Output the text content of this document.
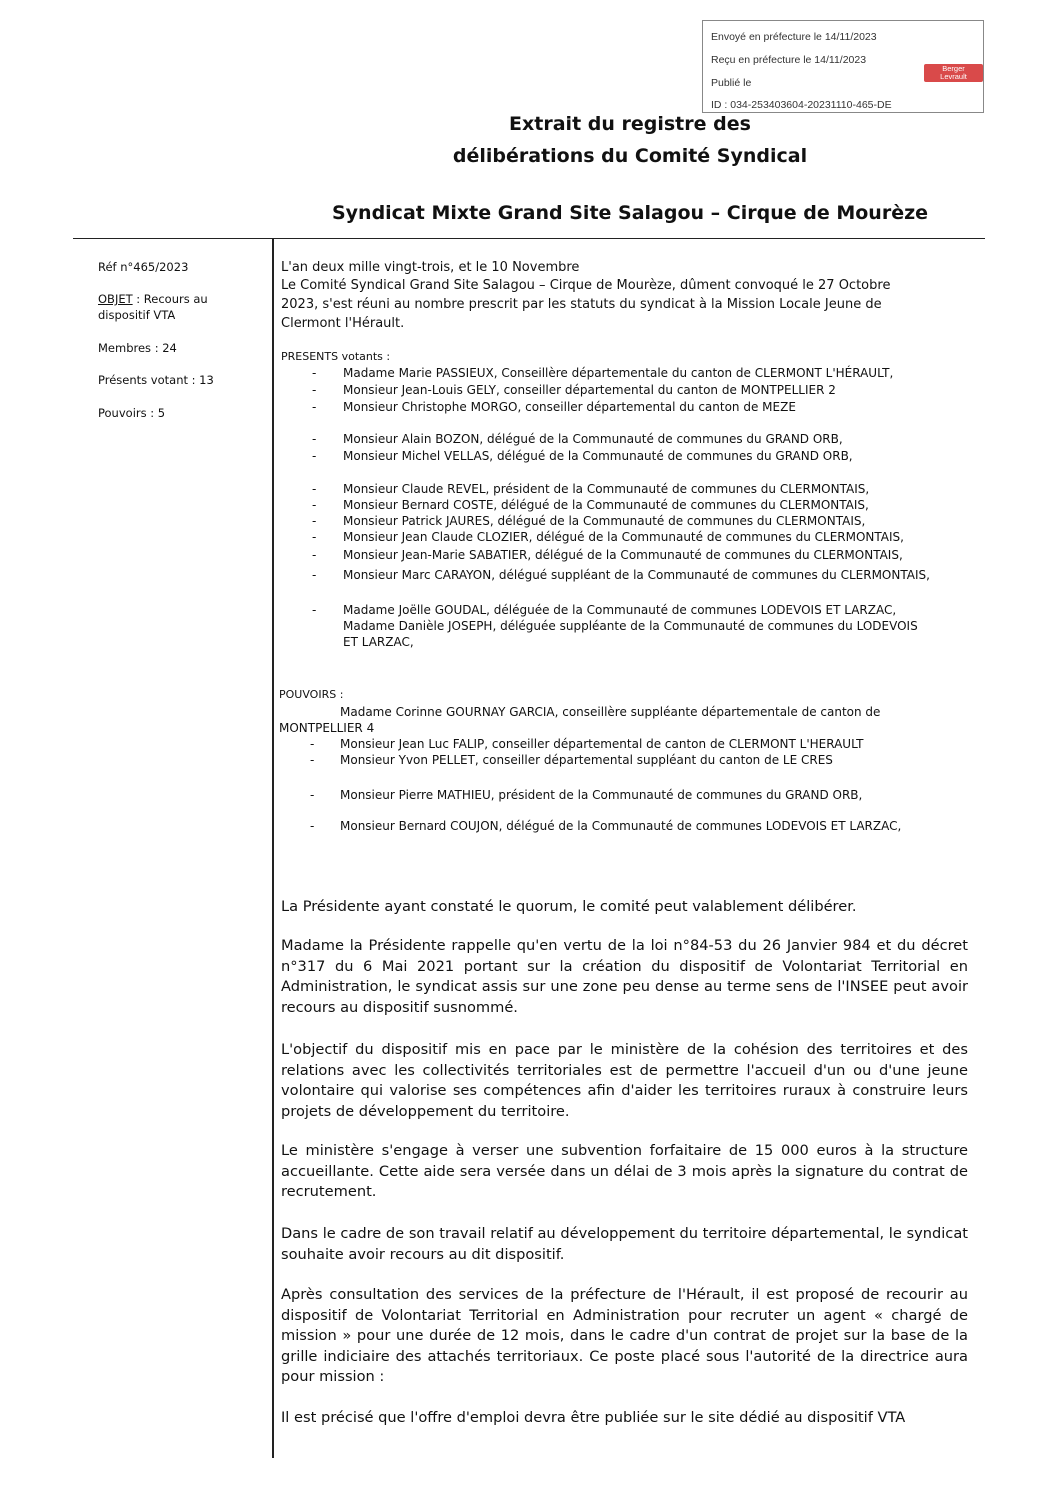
Envoyé en préfecture le 14/11/2023
Reçu en préfecture le 14/11/2023
Publié le
ID : 034-253403604-20231110-465-DE
Berger
Levrault
Extrait du registre des
délibérations du Comité Syndical
Syndicat Mixte Grand Site Salagou – Cirque de Mourèze
Réf n°465/2023
OBJET : Recours au
dispositif VTA
Membres : 24
Présents votant : 13
Pouvoirs : 5
L'an deux mille vingt-trois, et le 10 Novembre
Le Comité Syndical Grand Site Salagou – Cirque de Mourèze, dûment convoqué le 27 Octobre
2023, s'est réuni au nombre prescrit par les statuts du syndicat à la Mission Locale Jeune de
Clermont l'Hérault.
PRESENTS votants :
- Madame Marie PASSIEUX, Conseillère départementale du canton de CLERMONT L'HÉRAULT,
- Monsieur Jean-Louis GELY, conseiller départemental du canton de MONTPELLIER 2
- Monsieur Christophe MORGO, conseiller départemental du canton de MEZE
- Monsieur Alain BOZON, délégué de la Communauté de communes du GRAND ORB,
- Monsieur Michel VELLAS, délégué de la Communauté de communes du GRAND ORB,
- Monsieur Claude REVEL, président de la Communauté de communes du CLERMONTAIS,
- Monsieur Bernard COSTE, délégué de la Communauté de communes du CLERMONTAIS,
- Monsieur Patrick JAURES, délégué de la Communauté de communes du CLERMONTAIS,
- Monsieur Jean Claude CLOZIER, délégué de la Communauté de communes du CLERMONTAIS,
- Monsieur Jean-Marie SABATIER, délégué de la Communauté de communes du CLERMONTAIS,
- Monsieur Marc CARAYON, délégué suppléant de la Communauté de communes du CLERMONTAIS,
- Madame Joëlle GOUDAL, déléguée de la Communauté de communes LODEVOIS ET LARZAC,
Madame Danièle JOSEPH, déléguée suppléante de la Communauté de communes du LODEVOIS
ET LARZAC,
POUVOIRS :
Madame Corinne GOURNAY GARCIA, conseillère suppléante départementale de canton de
MONTPELLIER 4
- Monsieur Jean Luc FALIP, conseiller départemental de canton de CLERMONT L'HERAULT
- Monsieur Yvon PELLET, conseiller départemental suppléant du canton de LE CRES
- Monsieur Pierre MATHIEU, président de la Communauté de communes du GRAND ORB,
- Monsieur Bernard COUJON, délégué de la Communauté de communes LODEVOIS ET LARZAC,
La Présidente ayant constaté le quorum, le comité peut valablement délibérer.
Madame la Présidente rappelle qu'en vertu de la loi n°84-53 du 26 Janvier 984 et du décret n°317 du 6 Mai 2021 portant sur la création du dispositif de Volontariat Territorial en Administration, le syndicat assis sur une zone peu dense au terme sens de l'INSEE peut avoir recours au dispositif susnommé.
L'objectif du dispositif mis en pace par le ministère de la cohésion des territoires et des relations avec les collectivités territoriales est de permettre l'accueil d'un ou d'une jeune volontaire qui valorise ses compétences afin d'aider les territoires ruraux à construire leurs projets de développement du territoire.
Le ministère s'engage à verser une subvention forfaitaire de 15 000 euros à la structure accueillante. Cette aide sera versée dans un délai de 3 mois après la signature du contrat de recrutement.
Dans le cadre de son travail relatif au développement du territoire départemental, le syndicat souhaite avoir recours au dit dispositif.
Après consultation des services de la préfecture de l'Hérault, il est proposé de recourir au dispositif de Volontariat Territorial en Administration pour recruter un agent « chargé de mission » pour une durée de 12 mois, dans le cadre d'un contrat de projet sur la base de la grille indiciaire des attachés territoriaux. Ce poste placé sous l'autorité de la directrice aura pour mission :
Il est précisé que l'offre d'emploi devra être publiée sur le site dédié au dispositif VTA
